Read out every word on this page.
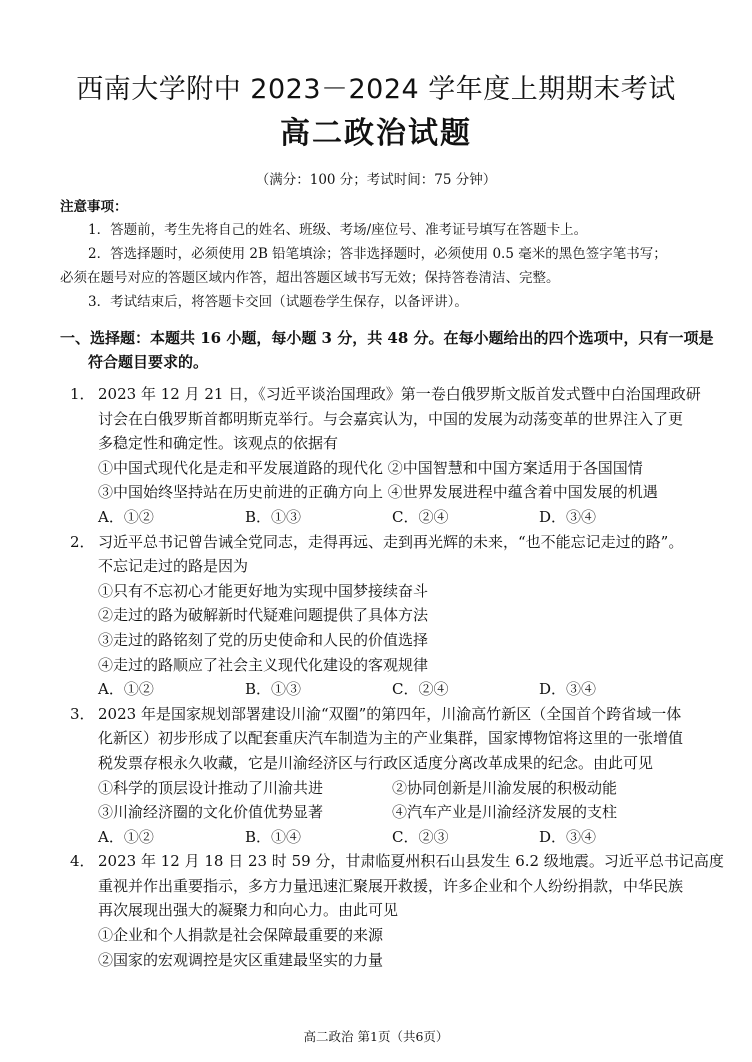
西南大学附中 2023－2024 学年度上期期末考试
高二政治试题
（满分：100 分；考试时间：75 分钟）
注意事项：

1．答题前，考生先将自己的姓名、班级、考场/座位号、准考证号填写在答题卡上。

2．答选择题时，必须使用 2B 铅笔填涂；答非选择题时，必须使用 0.5 毫米的黑色签字笔书写；

必须在题号对应的答题区域内作答，超出答题区域书写无效；保持答卷清洁、完整。

3．考试结束后，将答题卡交回（试题卷学生保存，以备评讲）。

一、选择题：本题共 16 小题，每小题 3 分，共 48 分。在每小题给出的四个选项中，只有一项是符合题目要求的。
1． 2023 年 12 月 21 日，《习近平谈治国理政》第一卷白俄罗斯文版首发式暨中白治国理政研
讨会在白俄罗斯首都明斯克举行。与会嘉宾认为，中国的发展为动荡变革的世界注入了更
多稳定性和确定性。该观点的依据有
①中国式现代化是走和平发展道路的现代化 ②中国智慧和中国方案适用于各国国情
③中国始终坚持站在历史前进的正确方向上 ④世界发展进程中蕴含着中国发展的机遇
A．①②	B．①③	C．②④	D．③④
2． 习近平总书记曾告诫全党同志，走得再远、走到再光辉的未来，“也不能忘记走过的路”。
不忘记走过的路是因为
①只有不忘初心才能更好地为实现中国梦接续奋斗
②走过的路为破解新时代疑难问题提供了具体方法
③走过的路铭刻了党的历史使命和人民的价值选择
④走过的路顺应了社会主义现代化建设的客观规律
A．①②	B．①③	C．②④	D．③④
3． 2023 年是国家规划部署建设川渝“双圈”的第四年，川渝高竹新区（全国首个跨省域一体
化新区）初步形成了以配套重庆汽车制造为主的产业集群，国家博物馆将这里的一张增值
税发票存根永久收藏，它是川渝经济区与行政区适度分离改革成果的纪念。由此可见
①科学的顶层设计推动了川渝共进	②协同创新是川渝发展的积极动能
③川渝经济圈的文化价值优势显著	④汽车产业是川渝经济发展的支柱
A．①②	B．①④	C．②③	D．③④
4． 2023 年 12 月 18 日 23 时 59 分，甘肃临夏州积石山县发生 6.2 级地震。习近平总书记高度
重视并作出重要指示，多方力量迅速汇聚展开救援，许多企业和个人纷纷捐款，中华民族
再次展现出强大的凝聚力和向心力。由此可见
①企业和个人捐款是社会保障最重要的来源
②国家的宏观调控是灾区重建最坚实的力量
高二政治 第1页（共6页）
